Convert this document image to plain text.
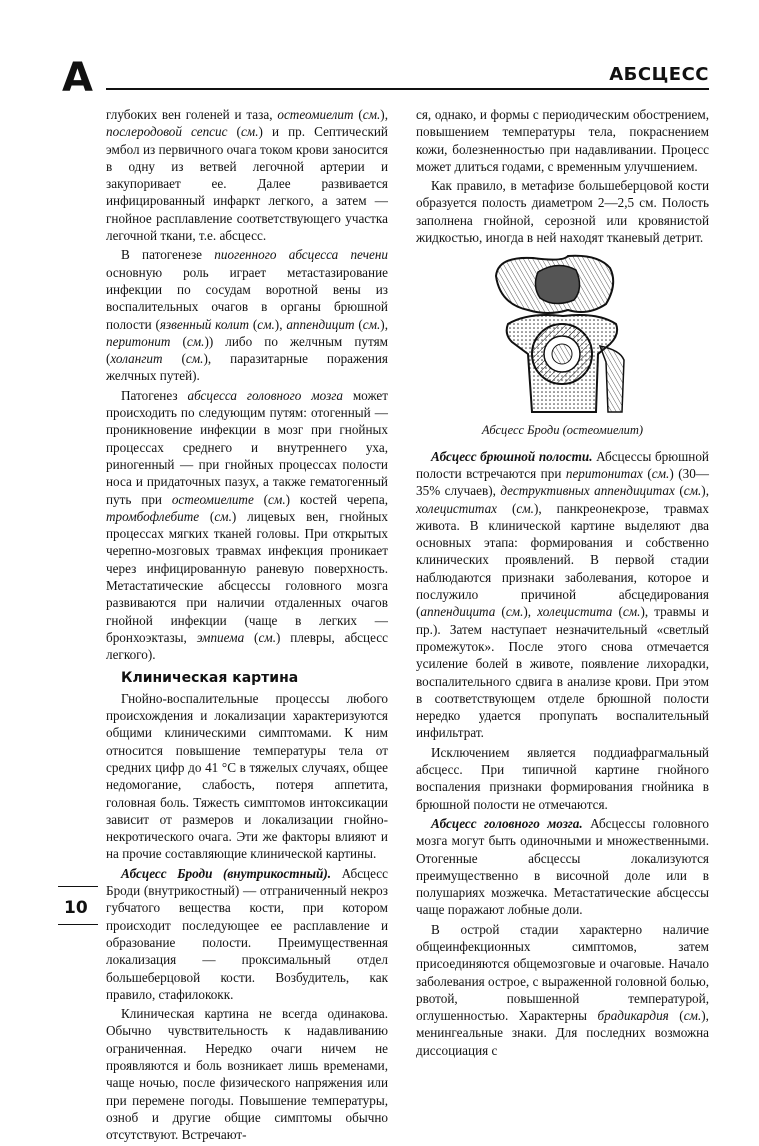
А	АБСЦЕСС
10

глубоких вен голеней и таза, остеомиелит (см.), послеродовой сепсис (см.) и пр. Септический эмбол из первичного очага током крови заносится в одну из ветвей легочной артерии и закупоривает ее. Далее развивается инфицированный инфаркт легкого, а затем — гнойное расплавление соответствующего участка легочной ткани, т.е. абсцесс.

В патогенезе пиогенного абсцесса печени основную роль играет метастазирование инфекции по сосудам воротной вены из воспалительных очагов в органы брюшной полости (язвенный колит (см.), аппендицит (см.), перитонит (см.)) либо по желчным путям (холангит (см.), паразитарные поражения желчных путей).

Патогенез абсцесса головного мозга может происходить по следующим путям: отогенный — проникновение инфекции в мозг при гнойных процессах среднего и внутреннего уха, риногенный — при гнойных процессах полости носа и придаточных пазух, а также гематогенный путь при остеомиелите (см.) костей черепа, тромбофлебите (см.) лицевых вен, гнойных процессах мягких тканей головы. При открытых черепно-мозговых травмах инфекция проникает через инфицированную раневую поверхность. Метастатические абсцессы головного мозга развиваются при наличии отдаленных очагов гнойной инфекции (чаще в легких — бронхоэктазы, эмпиема (см.) плевры, абсцесс легкого).

Клиническая картина

Гнойно-воспалительные процессы любого происхождения и локализации характеризуются общими клиническими симптомами. К ним относится повышение температуры тела от средних цифр до 41 °C в тяжелых случаях, общее недомогание, слабость, потеря аппетита, головная боль. Тяжесть симптомов интоксикации зависит от размеров и локализации гнойно-некротического очага. Эти же факторы влияют и на прочие составляющие клинической картины.

Абсцесс Броди (внутрикостный). Абсцесс Броди (внутрикостный) — отграниченный некроз губчатого вещества кости, при котором происходит последующее ее расплавление и образование полости. Преимущественная локализация — проксимальный отдел большеберцовой кости. Возбудитель, как правило, стафилококк.

Клиническая картина не всегда одинакова. Обычно чувствительность к надавливанию ограниченная. Нередко очаги ничем не проявляются и боль возникает лишь временами, чаще ночью, после физического напряжения или при перемене погоды. Повышение температуры, озноб и другие общие симптомы обычно отсутствуют. Встречают-

ся, однако, и формы с периодическим обострением, повышением температуры тела, покраснением кожи, болезненностью при надавливании. Процесс может длиться годами, с временным улучшением.

Как правило, в метафизе большеберцовой кости образуется полость диаметром 2—2,5 см. Полость заполнена гнойной, серозной или кровянистой жидкостью, иногда в ней находят тканевый детрит.

Абсцесс Броди (остеомиелит)

Абсцесс брюшной полости. Абсцессы брюшной полости встречаются при перитонитах (см.) (30—35% случаев), деструктивных аппендицитах (см.), холециститах (см.), панкреонекрозе, травмах живота. В клинической картине выделяют два основных этапа: формирования и собственно клинических проявлений. В первой стадии наблюдаются признаки заболевания, которое и послужило причиной абсцедирования (аппендицита (см.), холецистита (см.), травмы и пр.). Затем наступает незначительный «светлый промежуток». После этого снова отмечается усиление болей в животе, появление лихорадки, воспалительного сдвига в анализе крови. При этом в соответствующем отделе брюшной полости нередко удается пропупать воспалительный инфильтрат.

Исключением является поддиафрагмальный абсцесс. При типичной картине гнойного воспаления признаки формирования гнойника в брюшной полости не отмечаются.

Абсцесс головного мозга. Абсцессы головного мозга могут быть одиночными и множественными. Отогенные абсцессы локализуются преимущественно в височной доле или в полушариях мозжечка. Метастатические абсцессы чаще поражают лобные доли.

В острой стадии характерно наличие общеинфекционных симптомов, затем присоединяются общемозговые и очаговые. Начало заболевания острое, с выраженной головной болью, рвотой, повышенной температурой, оглушенностью. Характерны брадикардия (см.), менингеальные знаки. Для последних возможна диссоциация с
